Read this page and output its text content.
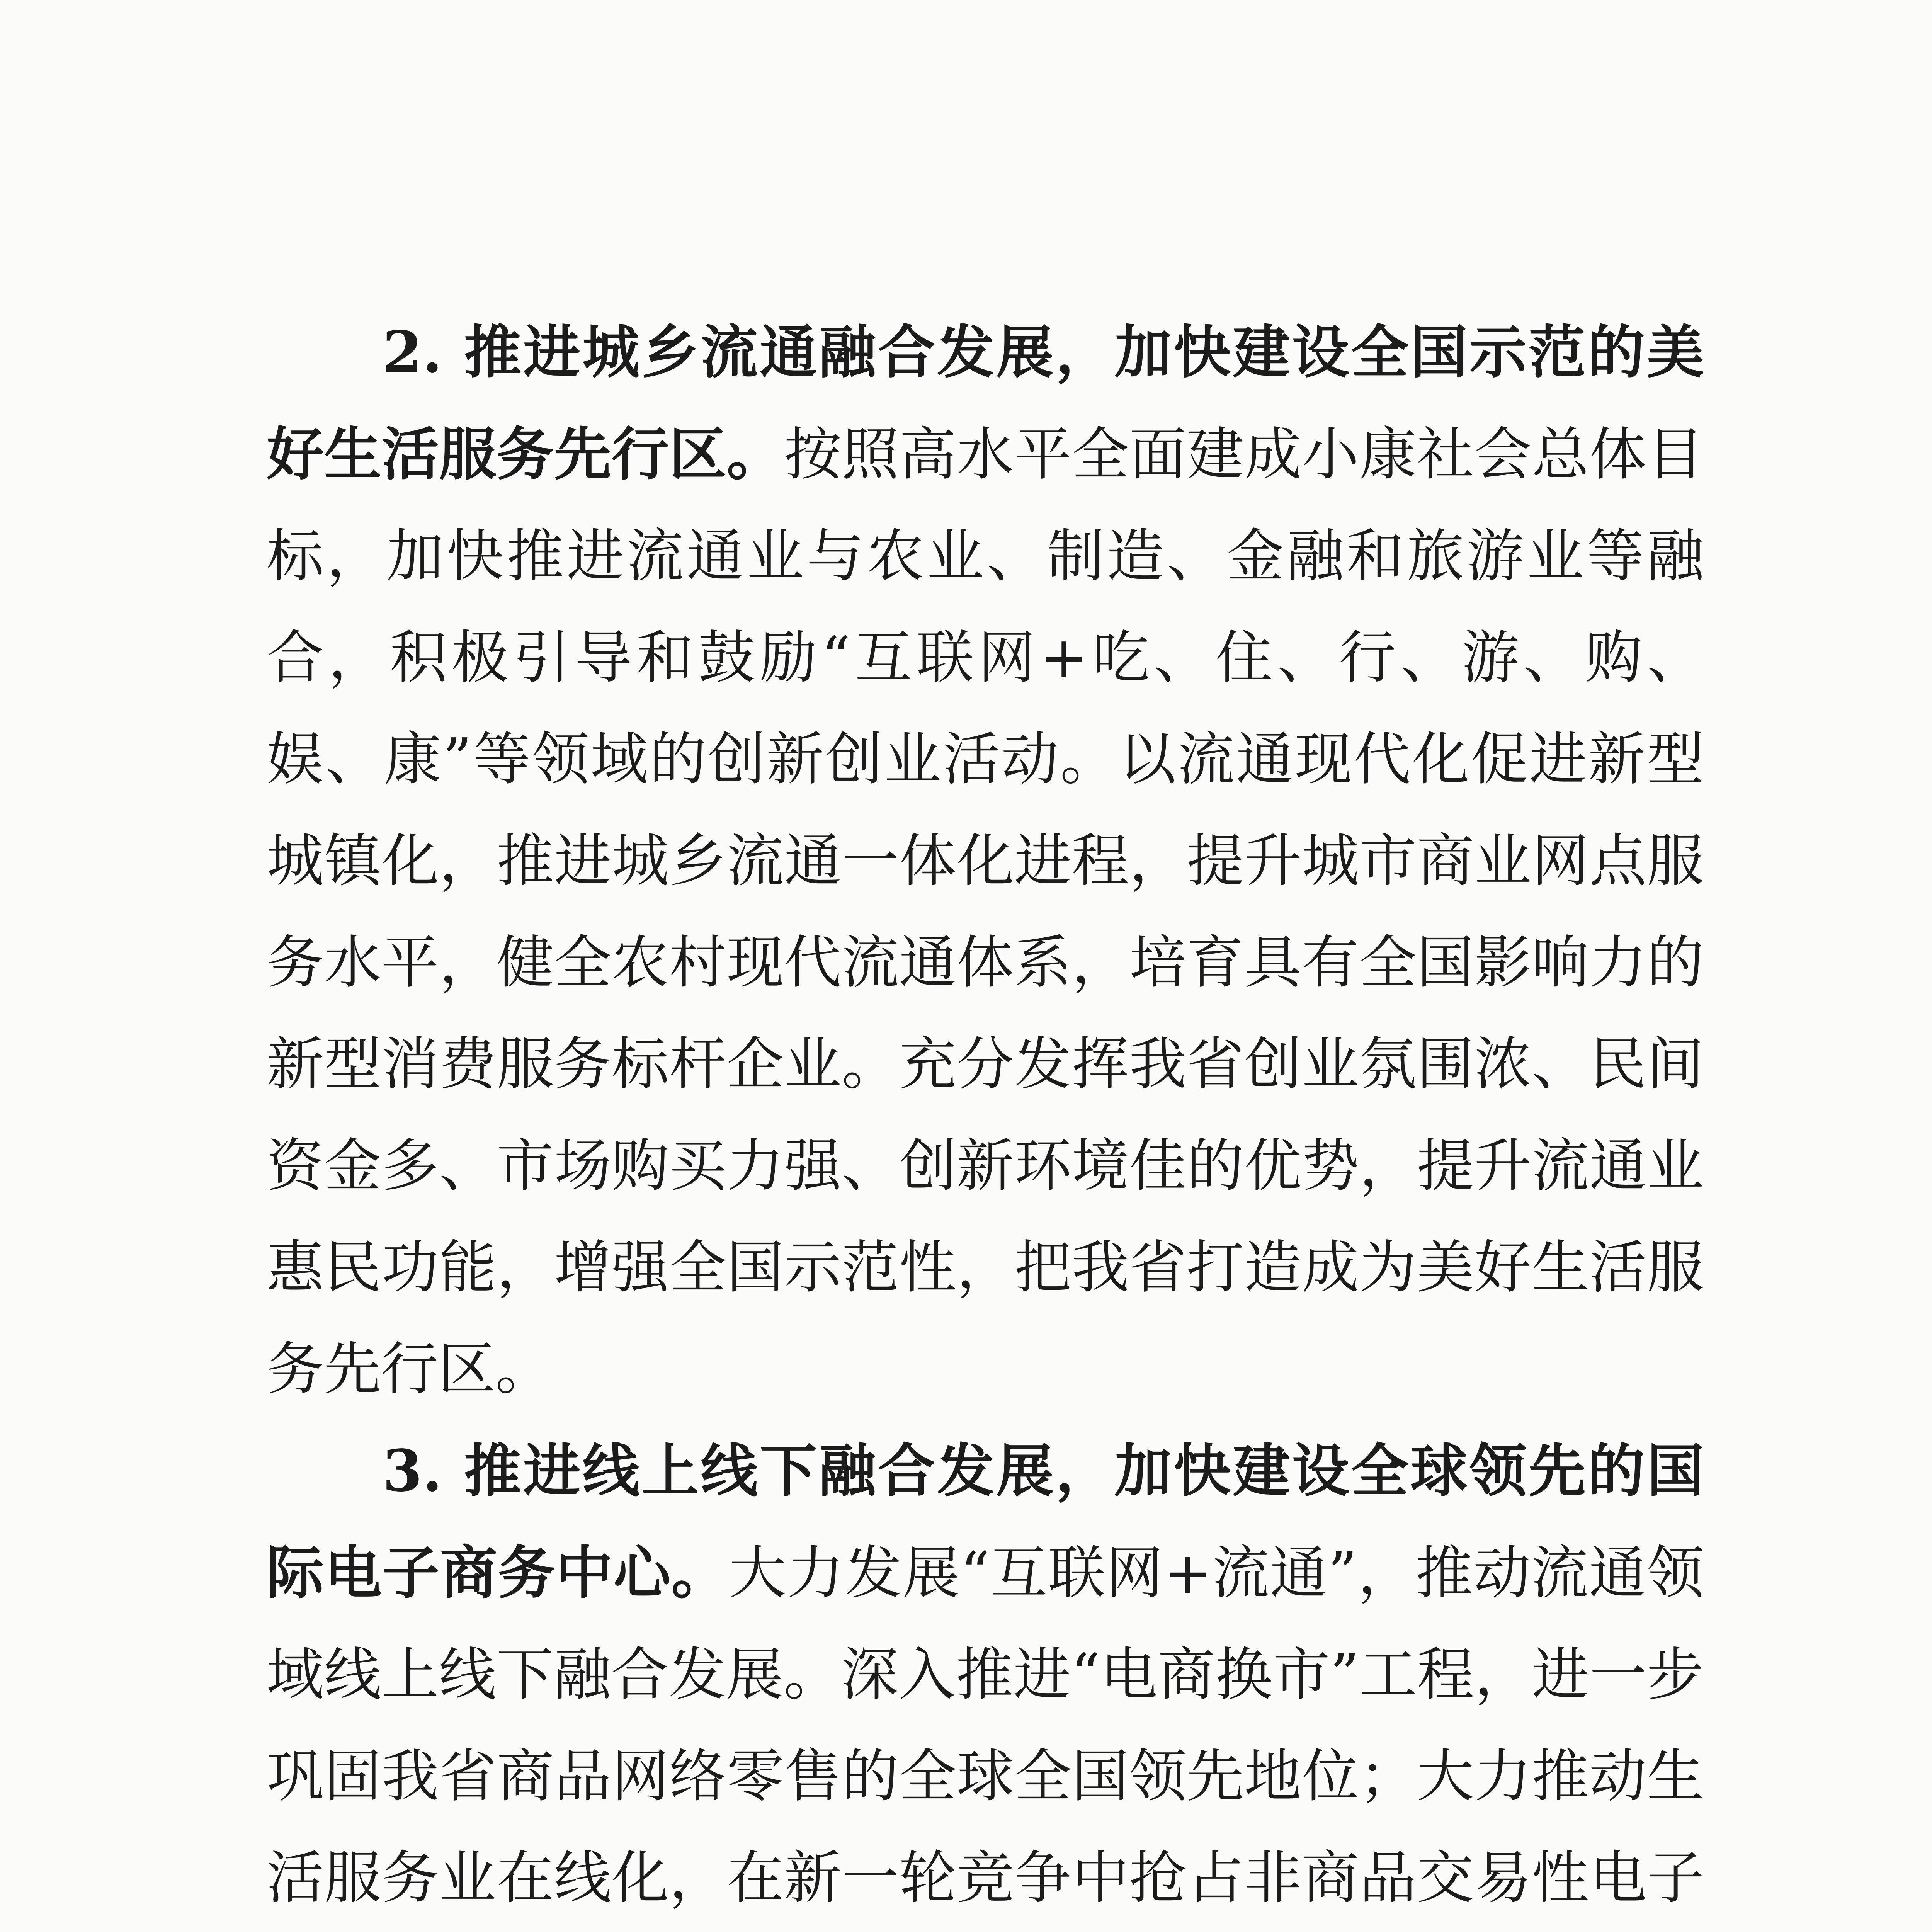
2. 推进城乡流通融合发展，加快建设全国示范的美好生活服务先行区。按照高水平全面建成小康社会总体目标，加快推进流通业与农业、制造、金融和旅游业等融合，积极引导和鼓励“互联网+吃、住、行、游、购、娱、康”等领域的创新创业活动。以流通现代化促进新型城镇化，推进城乡流通一体化进程，提升城市商业网点服务水平，健全农村现代流通体系，培育具有全国影响力的新型消费服务标杆企业。充分发挥我省创业氛围浓、民间资金多、市场购买力强、创新环境佳的优势，提升流通业惠民功能，增强全国示范性，把我省打造成为美好生活服务先行区。

3. 推进线上线下融合发展，加快建设全球领先的国际电子商务中心。大力发展“互联网+流通”，推动流通领域线上线下融合发展。深入推进“电商换市”工程，进一步巩固我省商品网络零售的全球全国领先地位；大力推动生活服务业在线化，在新一轮竞争中抢占非商品交易性电子
